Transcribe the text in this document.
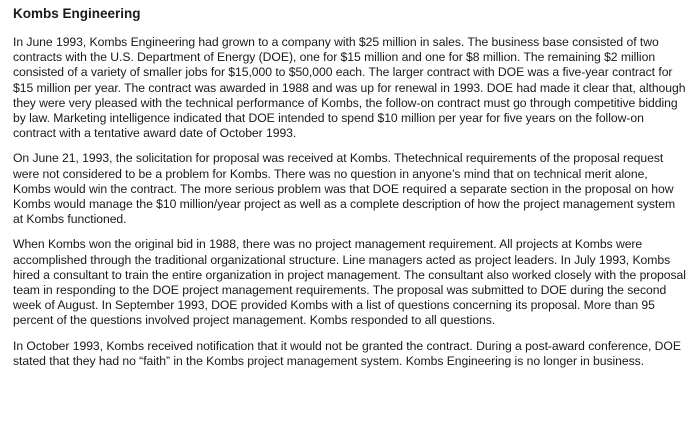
Kombs Engineering

In June 1993, Kombs Engineering had grown to a company with $25 million in sales. The business base consisted of two contracts with the U.S. Department of Energy (DOE), one for $15 million and one for $8 million. The remaining $2 million consisted of a variety of smaller jobs for $15,000 to $50,000 each. The larger contract with DOE was a five-year contract for $15 million per year. The contract was awarded in 1988 and was up for renewal in 1993. DOE had made it clear that, although they were very pleased with the technical performance of Kombs, the follow-on contract must go through competitive bidding by law. Marketing intelligence indicated that DOE intended to spend $10 million per year for five years on the follow-on contract with a tentative award date of October 1993.

On June 21, 1993, the solicitation for proposal was received at Kombs. Thetechnical requirements of the proposal request were not considered to be a problem for Kombs. There was no question in anyone’s mind that on technical merit alone, Kombs would win the contract. The more serious problem was that DOE required a separate section in the proposal on how Kombs would manage the $10 million/year project as well as a complete description of how the project management system at Kombs functioned.

When Kombs won the original bid in 1988, there was no project management requirement. All projects at Kombs were accomplished through the traditional organizational structure. Line managers acted as project leaders. In July 1993, Kombs hired a consultant to train the entire organization in project management. The consultant also worked closely with the proposal team in responding to the DOE project management requirements. The proposal was submitted to DOE during the second week of August. In September 1993, DOE provided Kombs with a list of questions concerning its proposal. More than 95 percent of the questions involved project management. Kombs responded to all questions.

In October 1993, Kombs received notification that it would not be granted the contract. During a post-award conference, DOE stated that they had no “faith” in the Kombs project management system. Kombs Engineering is no longer in business.
